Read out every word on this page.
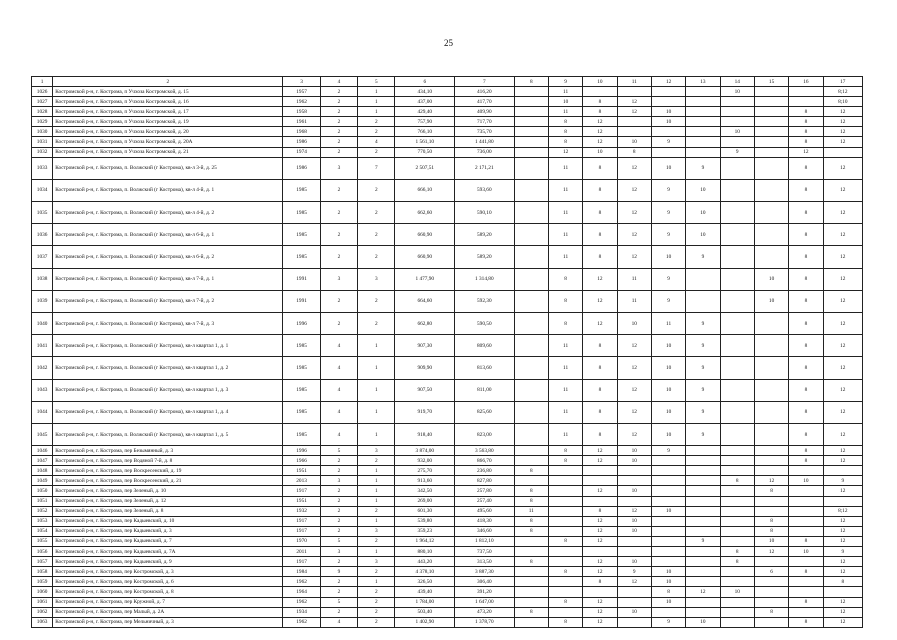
25
1	2	3	4	5	6	7	8	9	10	11	12	13	14	15	16	17
1026	Костромской р-н, г. Кострома, п Учхоза Костромской, д. 15	1957	2	1	434,10	416,20		11					10			8;12
1027	Костромской р-н, г. Кострома, п Учхоза Костромской, д. 16	1962	2	1	437,00	417,70		10	8	12						8;10
1028	Костромской р-н, г. Кострома, п Учхоза Костромской, д. 17	1958	2	1	429,40	409,90		11	8	12	10				8	12
1029	Костромской р-н, г. Кострома, п Учхоза Костромской, д. 19	1961	2	2	757,90	717,70		8	12		10				8	12
1030	Костромской р-н, г. Кострома, п Учхоза Костромской, д. 20	1968	2	2	766,10	735,70		8	12				10		8	12
1031	Костромской р-н, г. Кострома, п Учхоза Костромской, д. 20А	1986	2	4	1 561,10	1 441,80		8	12	10	9				8	12
1032	Костромской р-н, г. Кострома, п Учхоза Костромской, д. 21	1974	2	2	770,50	736,00		12	10	8			9		12	
1033	Костромской р-н, г. Кострома, п. Волжский (г Кострома), кв-л 3-й, д. 25	1986	3	7	2 507,51	2 171,21		11	8	12	10	9			8	12
1034	Костромской р-н, г. Кострома, п. Волжский (г Кострома), кв-л 4-й, д. 1	1985	2	2	666,10	593,60		11	8	12	9	10			8	12
1035	Костромской р-н, г. Кострома, п. Волжский (г Кострома), кв-л 4-й, д. 2	1985	2	2	662,60	590,10		11	8	12	9	10			8	12
1036	Костромской р-н, г. Кострома, п. Волжский (г Кострома), кв-л 6-й, д. 1	1985	2	2	660,90	589,20		11	8	12	9	10			8	12
1037	Костромской р-н, г. Кострома, п. Волжский (г Кострома), кв-л 6-й, д. 2	1985	2	2	660,90	589,20		11	8	12	10	9			8	12
1038	Костромской р-н, г. Кострома, п. Волжский (г Кострома), кв-л 7-й, д. 1	1991	3	3	1 477,90	1 314,80		8	12	11	9			10	8	12
1039	Костромской р-н, г. Кострома, п. Волжский (г Кострома), кв-л 7-й, д. 2	1991	2	2	664,60	592,30		8	12	11	9			10	8	12
1040	Костромской р-н, г. Кострома, п. Волжский (г Кострома), кв-л 7-й, д. 3	1996	2	2	662,80	590,50		8	12	10	11	9			8	12
1041	Костромской р-н, г. Кострома, п. Волжский (г Кострома), кв-л квартал 1, д. 1	1985	4	1	907,30	809,60		11	8	12	10	9			8	12
1042	Костромской р-н, г. Кострома, п. Волжский (г Кострома), кв-л квартал 1, д. 2	1985	4	1	909,90	813,60		11	8	12	10	9			8	12
1043	Костромской р-н, г. Кострома, п. Волжский (г Кострома), кв-л квартал 1, д. 3	1985	4	1	907,50	811,00		11	8	12	10	9			8	12
1044	Костромской р-н, г. Кострома, п. Волжский (г Кострома), кв-л квартал 1, д. 4	1985	4	1	919,70	825,60		11	8	12	10	9			8	12
1045	Костромской р-н, г. Кострома, п. Волжский (г Кострома), кв-л квартал 1, д. 5	1985	4	1	918,40	823,00		11	8	12	10	9			8	12
1046	Костромской р-н, г. Кострома, пер Безымянный, д. 3	1996	5	3	3 874,00	3 563,80		8	12	10	9				8	12
1047	Костромской р-н, г. Кострома, пер Водяной 7-й, д. 8	1966	2	2	932,00	866,70		8	12	10					8	12
1048	Костромской р-н, г. Кострома, пер Воскресенский, д. 19	1951	2	1	275,70	236,80	8									
1049	Костромской р-н, г. Кострома, пер Воскресенский, д. 21	2013	3	1	913,60	827,80							8	12	10	9
1050	Костромской р-н, г. Кострома, пер Зеленый, д. 10	1917	2	1	342,50	257,80	8		12	10				8		12
1051	Костромской р-н, г. Кострома, пер Зеленый, д. 12	1951	2	1	269,00	257,40	8									
1052	Костромской р-н, г. Кострома, пер Зеленый, д. 8	1932	2	2	601,30	495,60	11		8	12	10					8;12
1053	Костромской р-н, г. Кострома, пер Кадыевский, д. 10	1917	2	1	539,80	418,30	8		12	10				8		12
1054	Костромской р-н, г. Кострома, пер Кадыевский, д. 3	1917	2	3	359,23	346,60	8		12	10				8		12
1055	Костромской р-н, г. Кострома, пер Кадыевский, д. 7	1970	5	2	1 964,12	1 812,10		8	12			9		10	8	12
1056	Костромской р-н, г. Кострома, пер Кадыевский, д. 7А	2011	3	1	880,10	737,50							8	12	10	9
1057	Костромской р-н, г. Кострома, пер Кадыевский, д. 9	1917	2	3	443,20	313,50	8		12	10			8			12
1058	Костромской р-н, г. Кострома, пер Костромской, д. 3	1984	9	2	4 378,10	3 887,30		8	12	9	10			6	8	12
1059	Костромской р-н, г. Кострома, пер Костромской, д. 6	1962	2	1	326,50	306,40			8	12	10					8
1060	Костромской р-н, г. Кострома, пер Костромской, д. 8	1964	2	2	439,40	391,20					8	12	10			
1061	Костромской р-н, г. Кострома, пер Кружной, д. 7	1962	5	2	1 784,00	1 647,00		8	12		10				8	12
1062	Костромской р-н, г. Кострома, пер Малый, д. 2А	1934	2	2	503,40	473,20	8		12	10				8		12
1063	Костромской р-н, г. Кострома, пер Мельничный, д. 3	1962	4	2	1 402,90	1 378,70		8	12		9	10			8	12
